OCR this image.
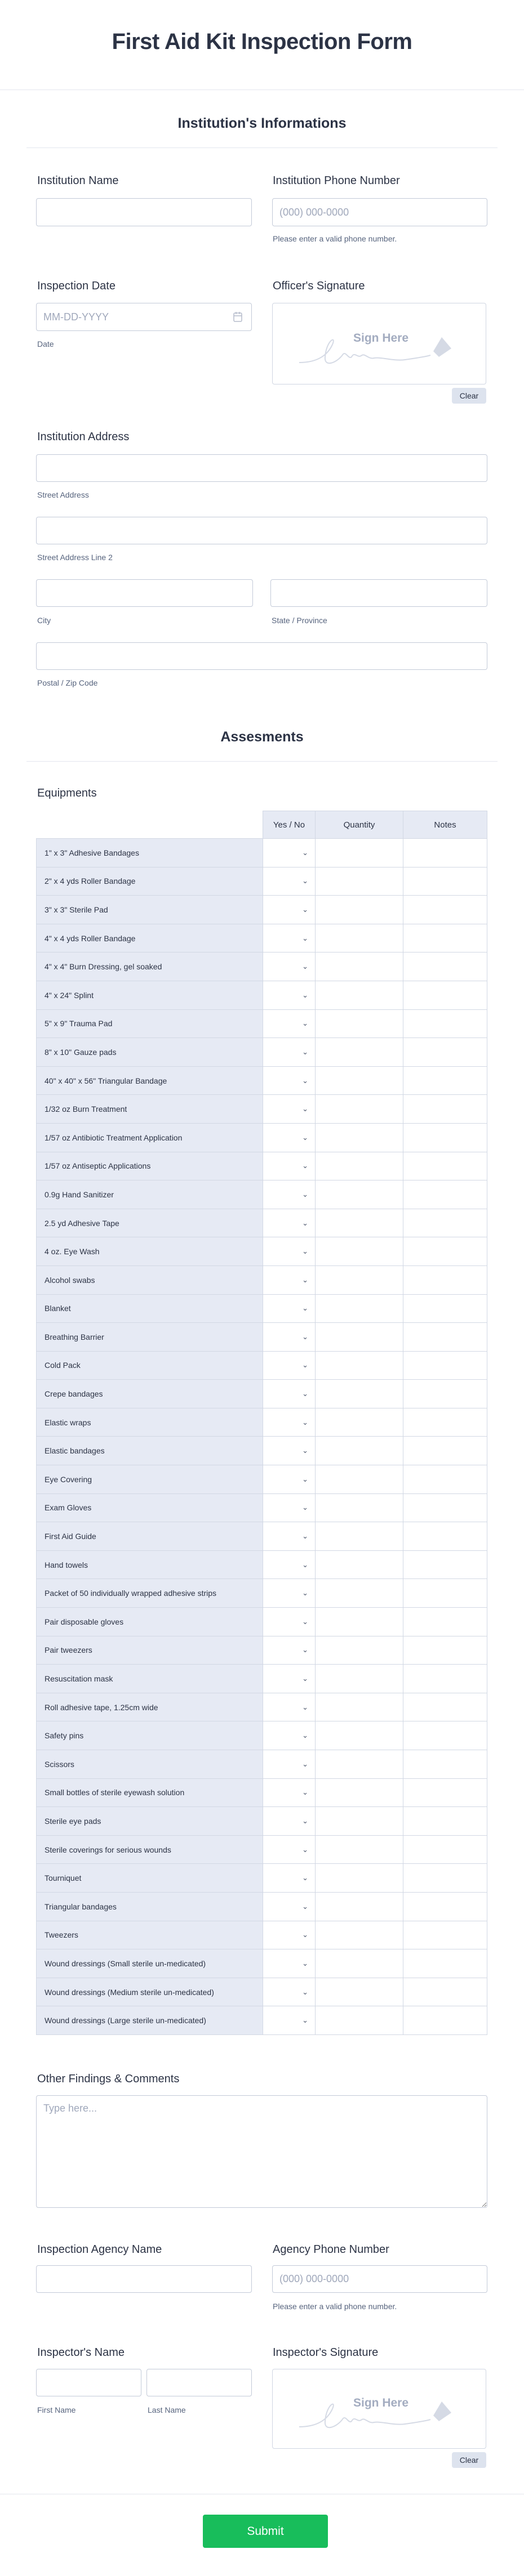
First Aid Kit Inspection Form
Institution's Informations
Institution Name	Institution Phone Number
(000) 000-0000
Please enter a valid phone number.
Inspection Date
MM-DD-YYYY
Date
Officer's Signature
Sign Here
Clear
Institution Address
Street Address
Street Address Line 2
City	State / Province
Postal / Zip Code
Assesments
Equipments
	Yes / No	Quantity	Notes
1" x 3" Adhesive Bandages	⌄		
2" x 4 yds Roller Bandage	⌄		
3" x 3" Sterile Pad	⌄		
4" x 4 yds Roller Bandage	⌄		
4" x 4" Burn Dressing, gel soaked	⌄		
4" x 24" Splint	⌄		
5" x 9" Trauma Pad	⌄		
8" x 10" Gauze pads	⌄		
40" x 40" x 56" Triangular Bandage	⌄		
1/32 oz Burn Treatment	⌄		
1/57 oz Antibiotic Treatment Application	⌄		
1/57 oz Antiseptic Applications	⌄		
0.9g Hand Sanitizer	⌄		
2.5 yd Adhesive Tape	⌄		
4 oz. Eye Wash	⌄		
Alcohol swabs	⌄		
Blanket	⌄		
Breathing Barrier	⌄		
Cold Pack	⌄		
Crepe bandages	⌄		
Elastic wraps	⌄		
Elastic bandages	⌄		
Eye Covering	⌄		
Exam Gloves	⌄		
First Aid Guide	⌄		
Hand towels	⌄		
Packet of 50 individually wrapped adhesive strips	⌄		
Pair disposable gloves	⌄		
Pair tweezers	⌄		
Resuscitation mask	⌄		
Roll adhesive tape, 1.25cm wide	⌄		
Safety pins	⌄		
Scissors	⌄		
Small bottles of sterile eyewash solution	⌄		
Sterile eye pads	⌄		
Sterile coverings for serious wounds	⌄		
Tourniquet	⌄		
Triangular bandages	⌄		
Tweezers	⌄		
Wound dressings (Small sterile un-medicated)	⌄		
Wound dressings (Medium sterile un-medicated)	⌄		
Wound dressings (Large sterile un-medicated)	⌄		
Other Findings & Comments
Type here...
Inspection Agency Name	Agency Phone Number
(000) 000-0000
Please enter a valid phone number.
Inspector's Name
First Name	Last Name
Inspector's Signature
Sign Here
Clear
Submit
